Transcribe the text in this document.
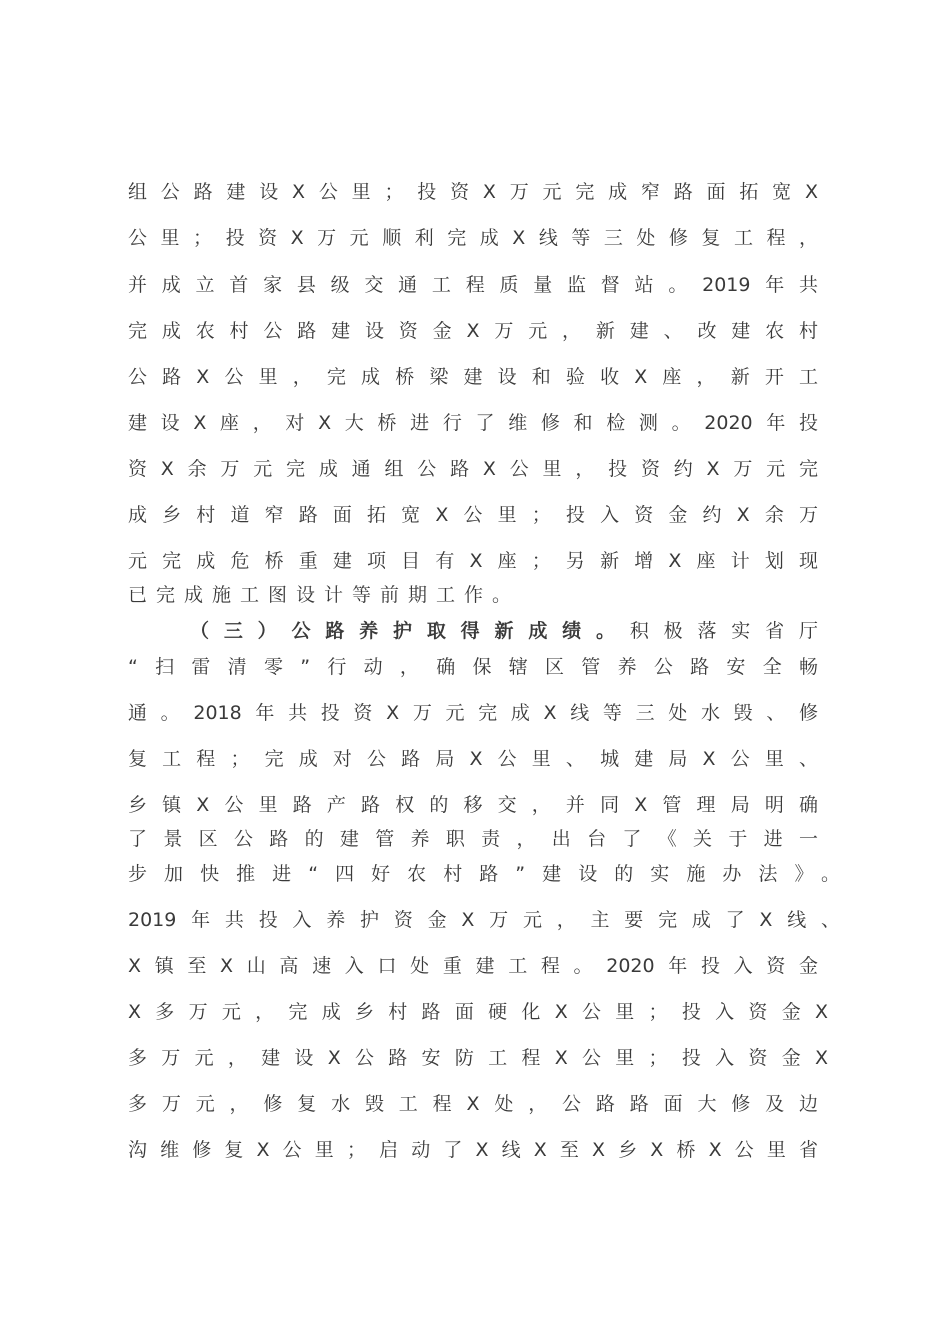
组公路建设X公里；投资X万元完成窄路面拓宽X
公里；投资X万元顺利完成X线等三处修复工程，
并成立首家县级交通工程质量监督站。2019年共
完成农村公路建设资金X万元，新建、改建农村
公路X公里，完成桥梁建设和验收X座，新开工
建设X座，对X大桥进行了维修和检测。2020年投
资X余万元完成通组公路X公里，投资约X万元完
成乡村道窄路面拓宽X公里；投入资金约X余万
元完成危桥重建项目有X座；另新增X座计划现
已完成施工图设计等前期工作。
（三）公路养护取得新成绩。积极落实省厅
“扫雷清零”行动，确保辖区管养公路安全畅
通。2018年共投资X万元完成X线等三处水毁、修
复工程；完成对公路局X公里、城建局X公里、
乡镇X公里路产路权的移交，并同X管理局明确
了景区公路的建管养职责，出台了《关于进一
步加快推进“四好农村路”建设的实施办法》。
2019年共投入养护资金X万元，主要完成了X线、
X镇至X山高速入口处重建工程。2020年投入资金
X多万元，完成乡村路面硬化X公里；投入资金X
多万元，建设X公路安防工程X公里；投入资金X
多万元，修复水毁工程X处，公路路面大修及边
沟维修复X公里；启动了X线X至X乡X桥X公里省
